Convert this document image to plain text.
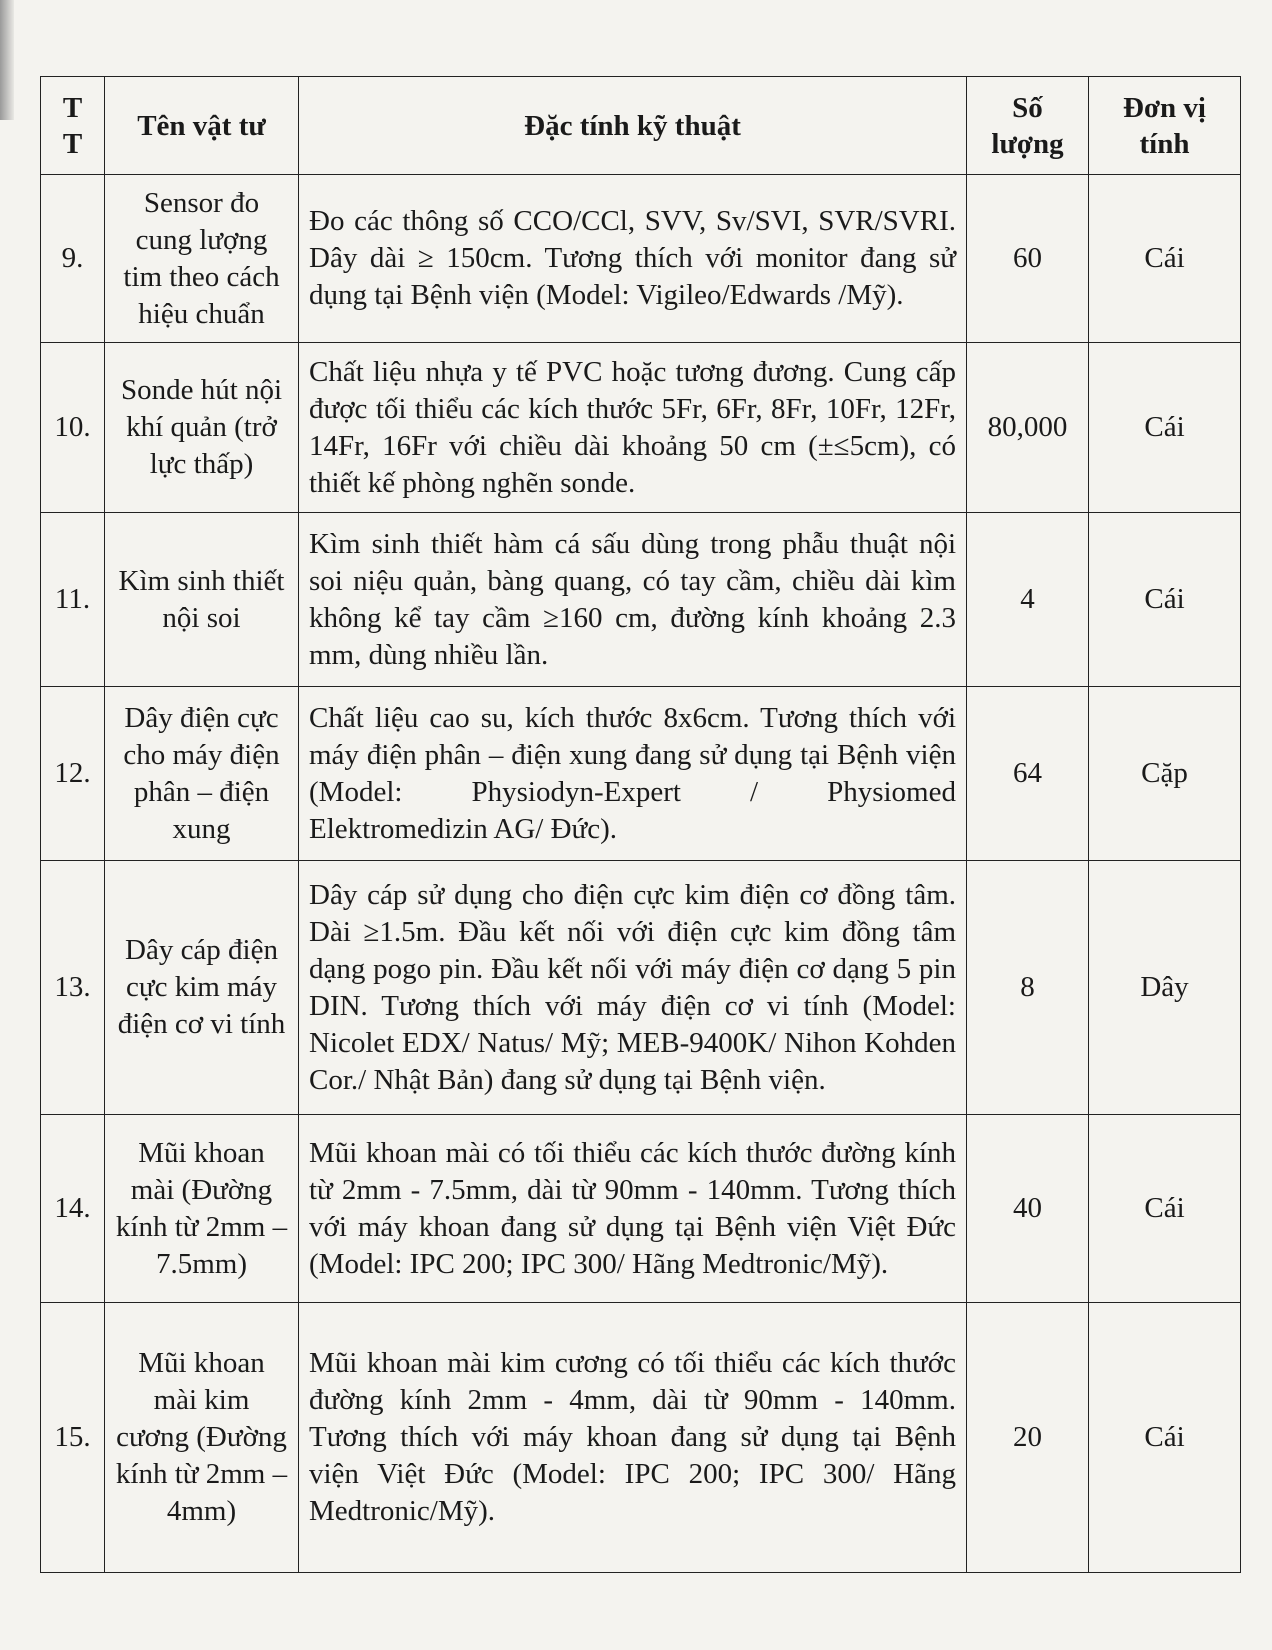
T T	Tên vật tư	Đặc tính kỹ thuật	Số lượng	Đơn vị tính
9.	Sensor đo cung lượng tim theo cách hiệu chuẩn	Đo các thông số CCO/CCl, SVV, Sv/SVI, SVR/SVRI. Dây dài ≥ 150cm. Tương thích với monitor đang sử dụng tại Bệnh viện (Model: Vigileo/Edwards /Mỹ).	60	Cái
10.	Sonde hút nội khí quản (trở lực thấp)	Chất liệu nhựa y tế PVC hoặc tương đương. Cung cấp được tối thiểu các kích thước 5Fr, 6Fr, 8Fr, 10Fr, 12Fr, 14Fr, 16Fr với chiều dài khoảng 50 cm (±≤5cm), có thiết kế phòng nghẽn sonde.	80,000	Cái
11.	Kìm sinh thiết nội soi	Kìm sinh thiết hàm cá sấu dùng trong phẫu thuật nội soi niệu quản, bàng quang, có tay cầm, chiều dài kìm không kể tay cầm ≥160 cm, đường kính khoảng 2.3 mm, dùng nhiều lần.	4	Cái
12.	Dây điện cực cho máy điện phân – điện xung	Chất liệu cao su, kích thước 8x6cm. Tương thích với máy điện phân – điện xung đang sử dụng tại Bệnh viện (Model: Physiodyn-Expert / Physiomed Elektromedizin AG/ Đức).	64	Cặp
13.	Dây cáp điện cực kim máy điện cơ vi tính	Dây cáp sử dụng cho điện cực kim điện cơ đồng tâm. Dài ≥1.5m. Đầu kết nối với điện cực kim đồng tâm dạng pogo pin. Đầu kết nối với máy điện cơ dạng 5 pin DIN. Tương thích với máy điện cơ vi tính (Model: Nicolet EDX/ Natus/ Mỹ; MEB-9400K/ Nihon Kohden Cor./ Nhật Bản) đang sử dụng tại Bệnh viện.	8	Dây
14.	Mũi khoan mài (Đường kính từ 2mm – 7.5mm)	Mũi khoan mài có tối thiểu các kích thước đường kính từ 2mm - 7.5mm, dài từ 90mm - 140mm. Tương thích với máy khoan đang sử dụng tại Bệnh viện Việt Đức (Model: IPC 200; IPC 300/ Hãng Medtronic/Mỹ).	40	Cái
15.	Mũi khoan mài kim cương (Đường kính từ 2mm – 4mm)	Mũi khoan mài kim cương có tối thiểu các kích thước đường kính 2mm - 4mm, dài từ 90mm - 140mm. Tương thích với máy khoan đang sử dụng tại Bệnh viện Việt Đức (Model: IPC 200; IPC 300/ Hãng Medtronic/Mỹ).	20	Cái
